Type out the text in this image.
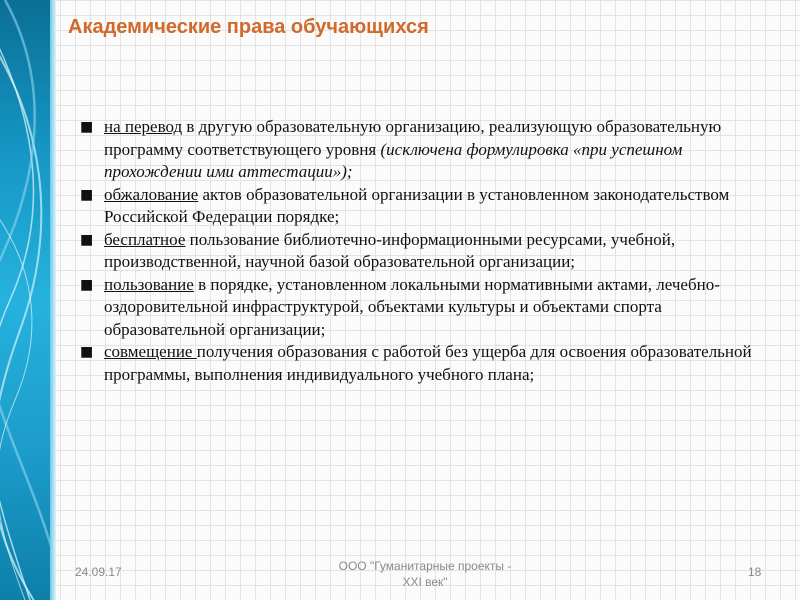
Академические права обучающихся
■ на перевод в другую образовательную организацию, реализующую образовательную программу соответствующего уровня (исключена формулировка «при успешном прохождении ими аттестации»);
■ обжалование актов образовательной организации в установленном законодательством Российской Федерации порядке;
■ бесплатное пользование библиотечно-информационными ресурсами, учебной, производственной, научной базой образовательной организации;
■ пользование в порядке, установленном локальными нормативными актами, лечебно-оздоровительной инфраструктурой, объектами культуры и объектами спорта образовательной организации;
■ совмещение получения образования с работой без ущерба для освоения образовательной программы, выполнения индивидуального учебного плана;
24.09.17	ООО "Гуманитарные проекты -
XXI век"
18
